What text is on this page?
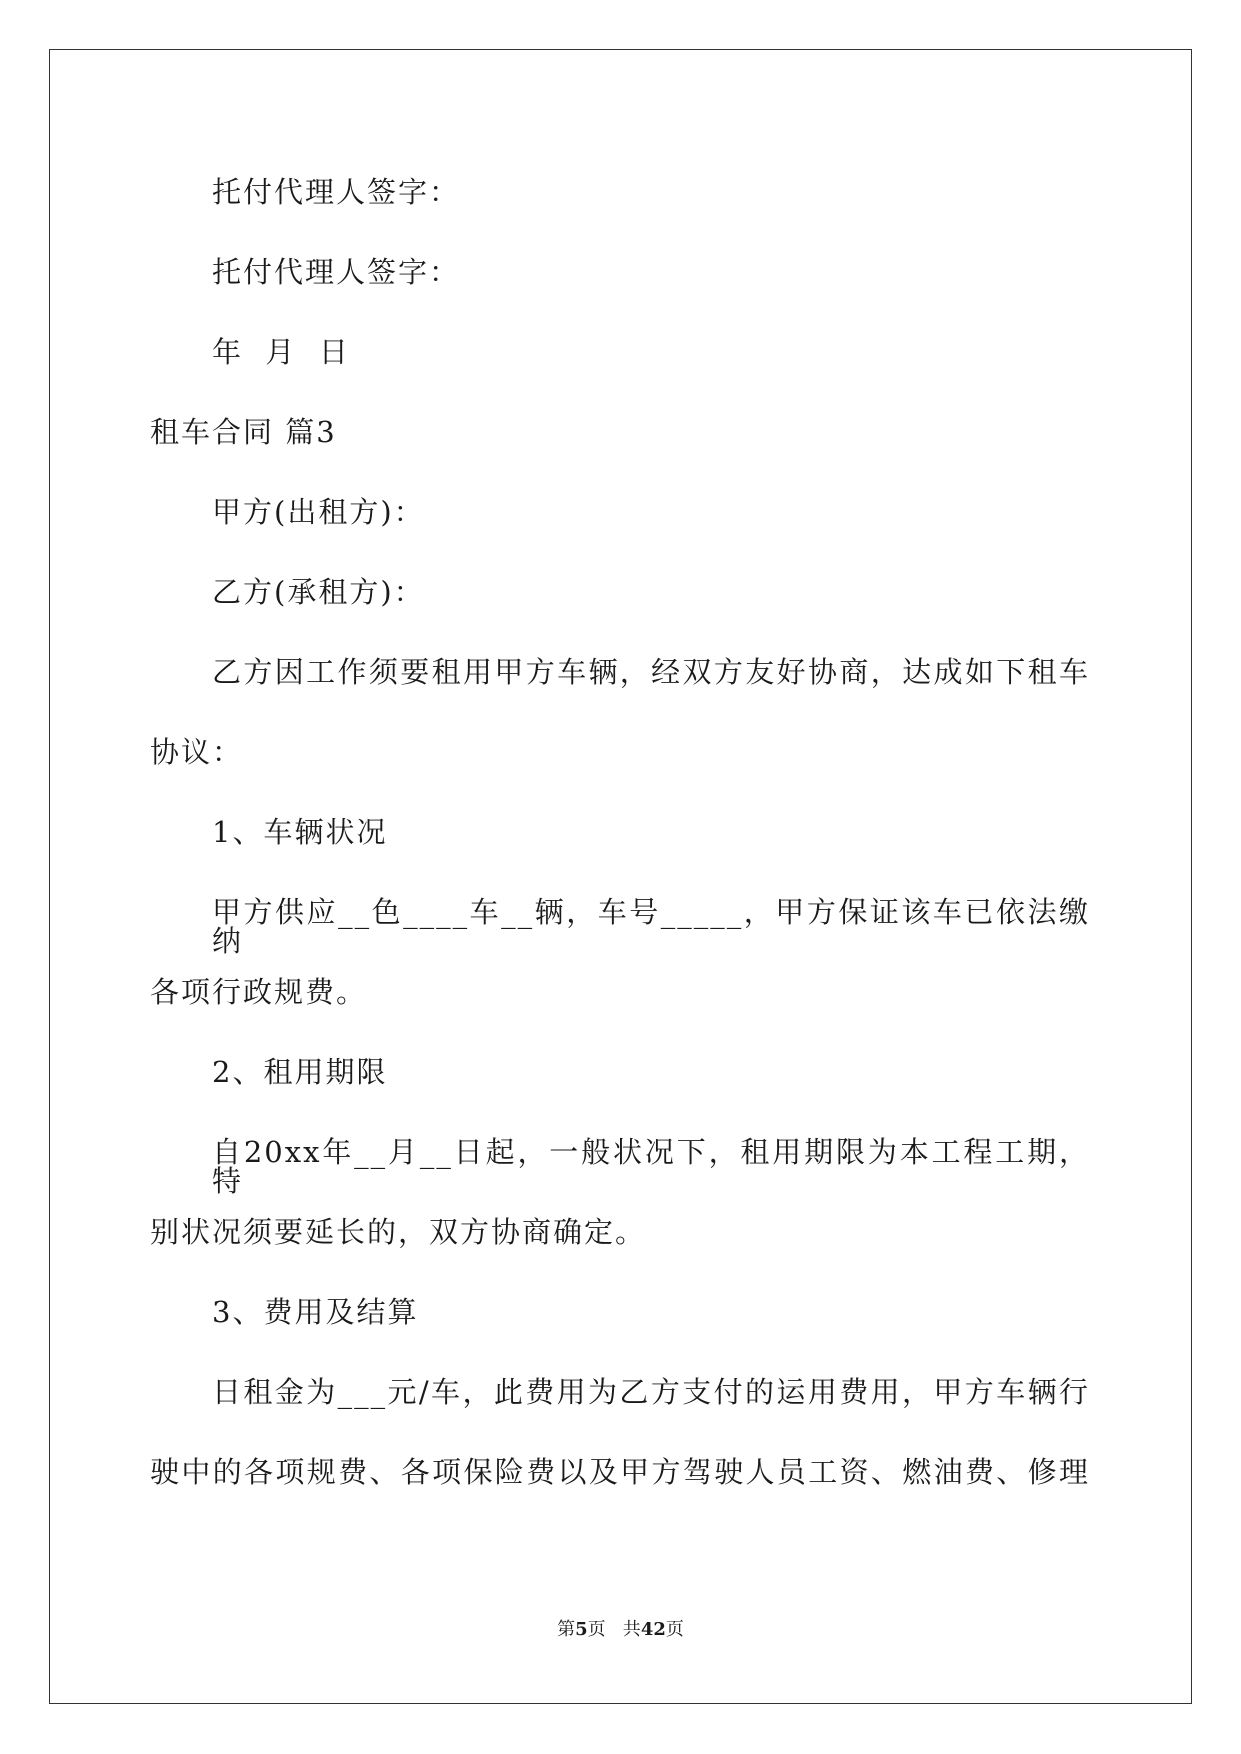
托付代理人签字：
托付代理人签字：
年  月  日
租车合同 篇3
甲方(出租方)：
乙方(承租方)：
乙方因工作须要租用甲方车辆，经双方友好协商，达成如下租车
协议：
1、车辆状况
甲方供应__色____车__辆，车号_____，甲方保证该车已依法缴纳
各项行政规费。
2、租用期限
自20xx年__月__日起，一般状况下，租用期限为本工程工期，特
别状况须要延长的，双方协商确定。
3、费用及结算
日租金为___元/车，此费用为乙方支付的运用费用，甲方车辆行
驶中的各项规费、各项保险费以及甲方驾驶人员工资、燃油费、修理
第5页   共42页
